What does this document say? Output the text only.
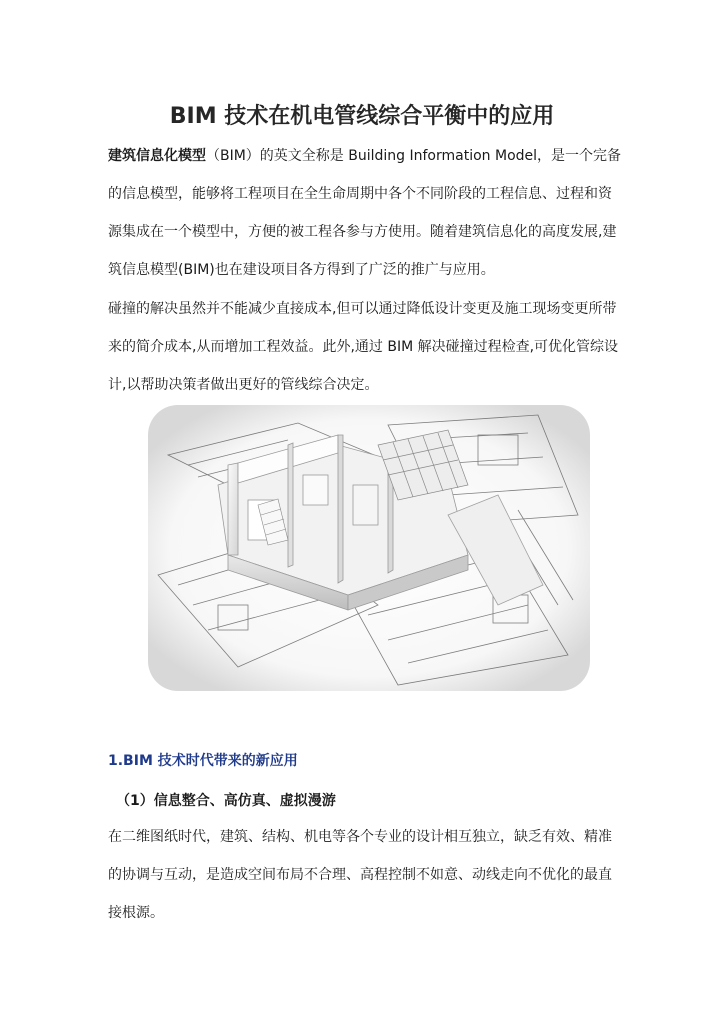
BIM 技术在机电管线综合平衡中的应用

建筑信息化模型（BIM）的英文全称是 Building Information Model，是一个完备的信息模型，能够将工程项目在全生命周期中各个不同阶段的工程信息、过程和资源集成在一个模型中，方便的被工程各参与方使用。随着建筑信息化的高度发展,建筑信息模型(BIM)也在建设项目各方得到了广泛的推广与应用。

碰撞的解决虽然并不能减少直接成本,但可以通过降低设计变更及施工现场变更所带来的简介成本,从而增加工程效益。此外,通过 BIM 解决碰撞过程检查,可优化管综设计,以帮助决策者做出更好的管线综合决定。

1.BIM 技术时代带来的新应用
（1）信息整合、高仿真、虚拟漫游

在二维图纸时代，建筑、结构、机电等各个专业的设计相互独立，缺乏有效、精准的协调与互动，是造成空间布局不合理、高程控制不如意、动线走向不优化的最直接根源。
